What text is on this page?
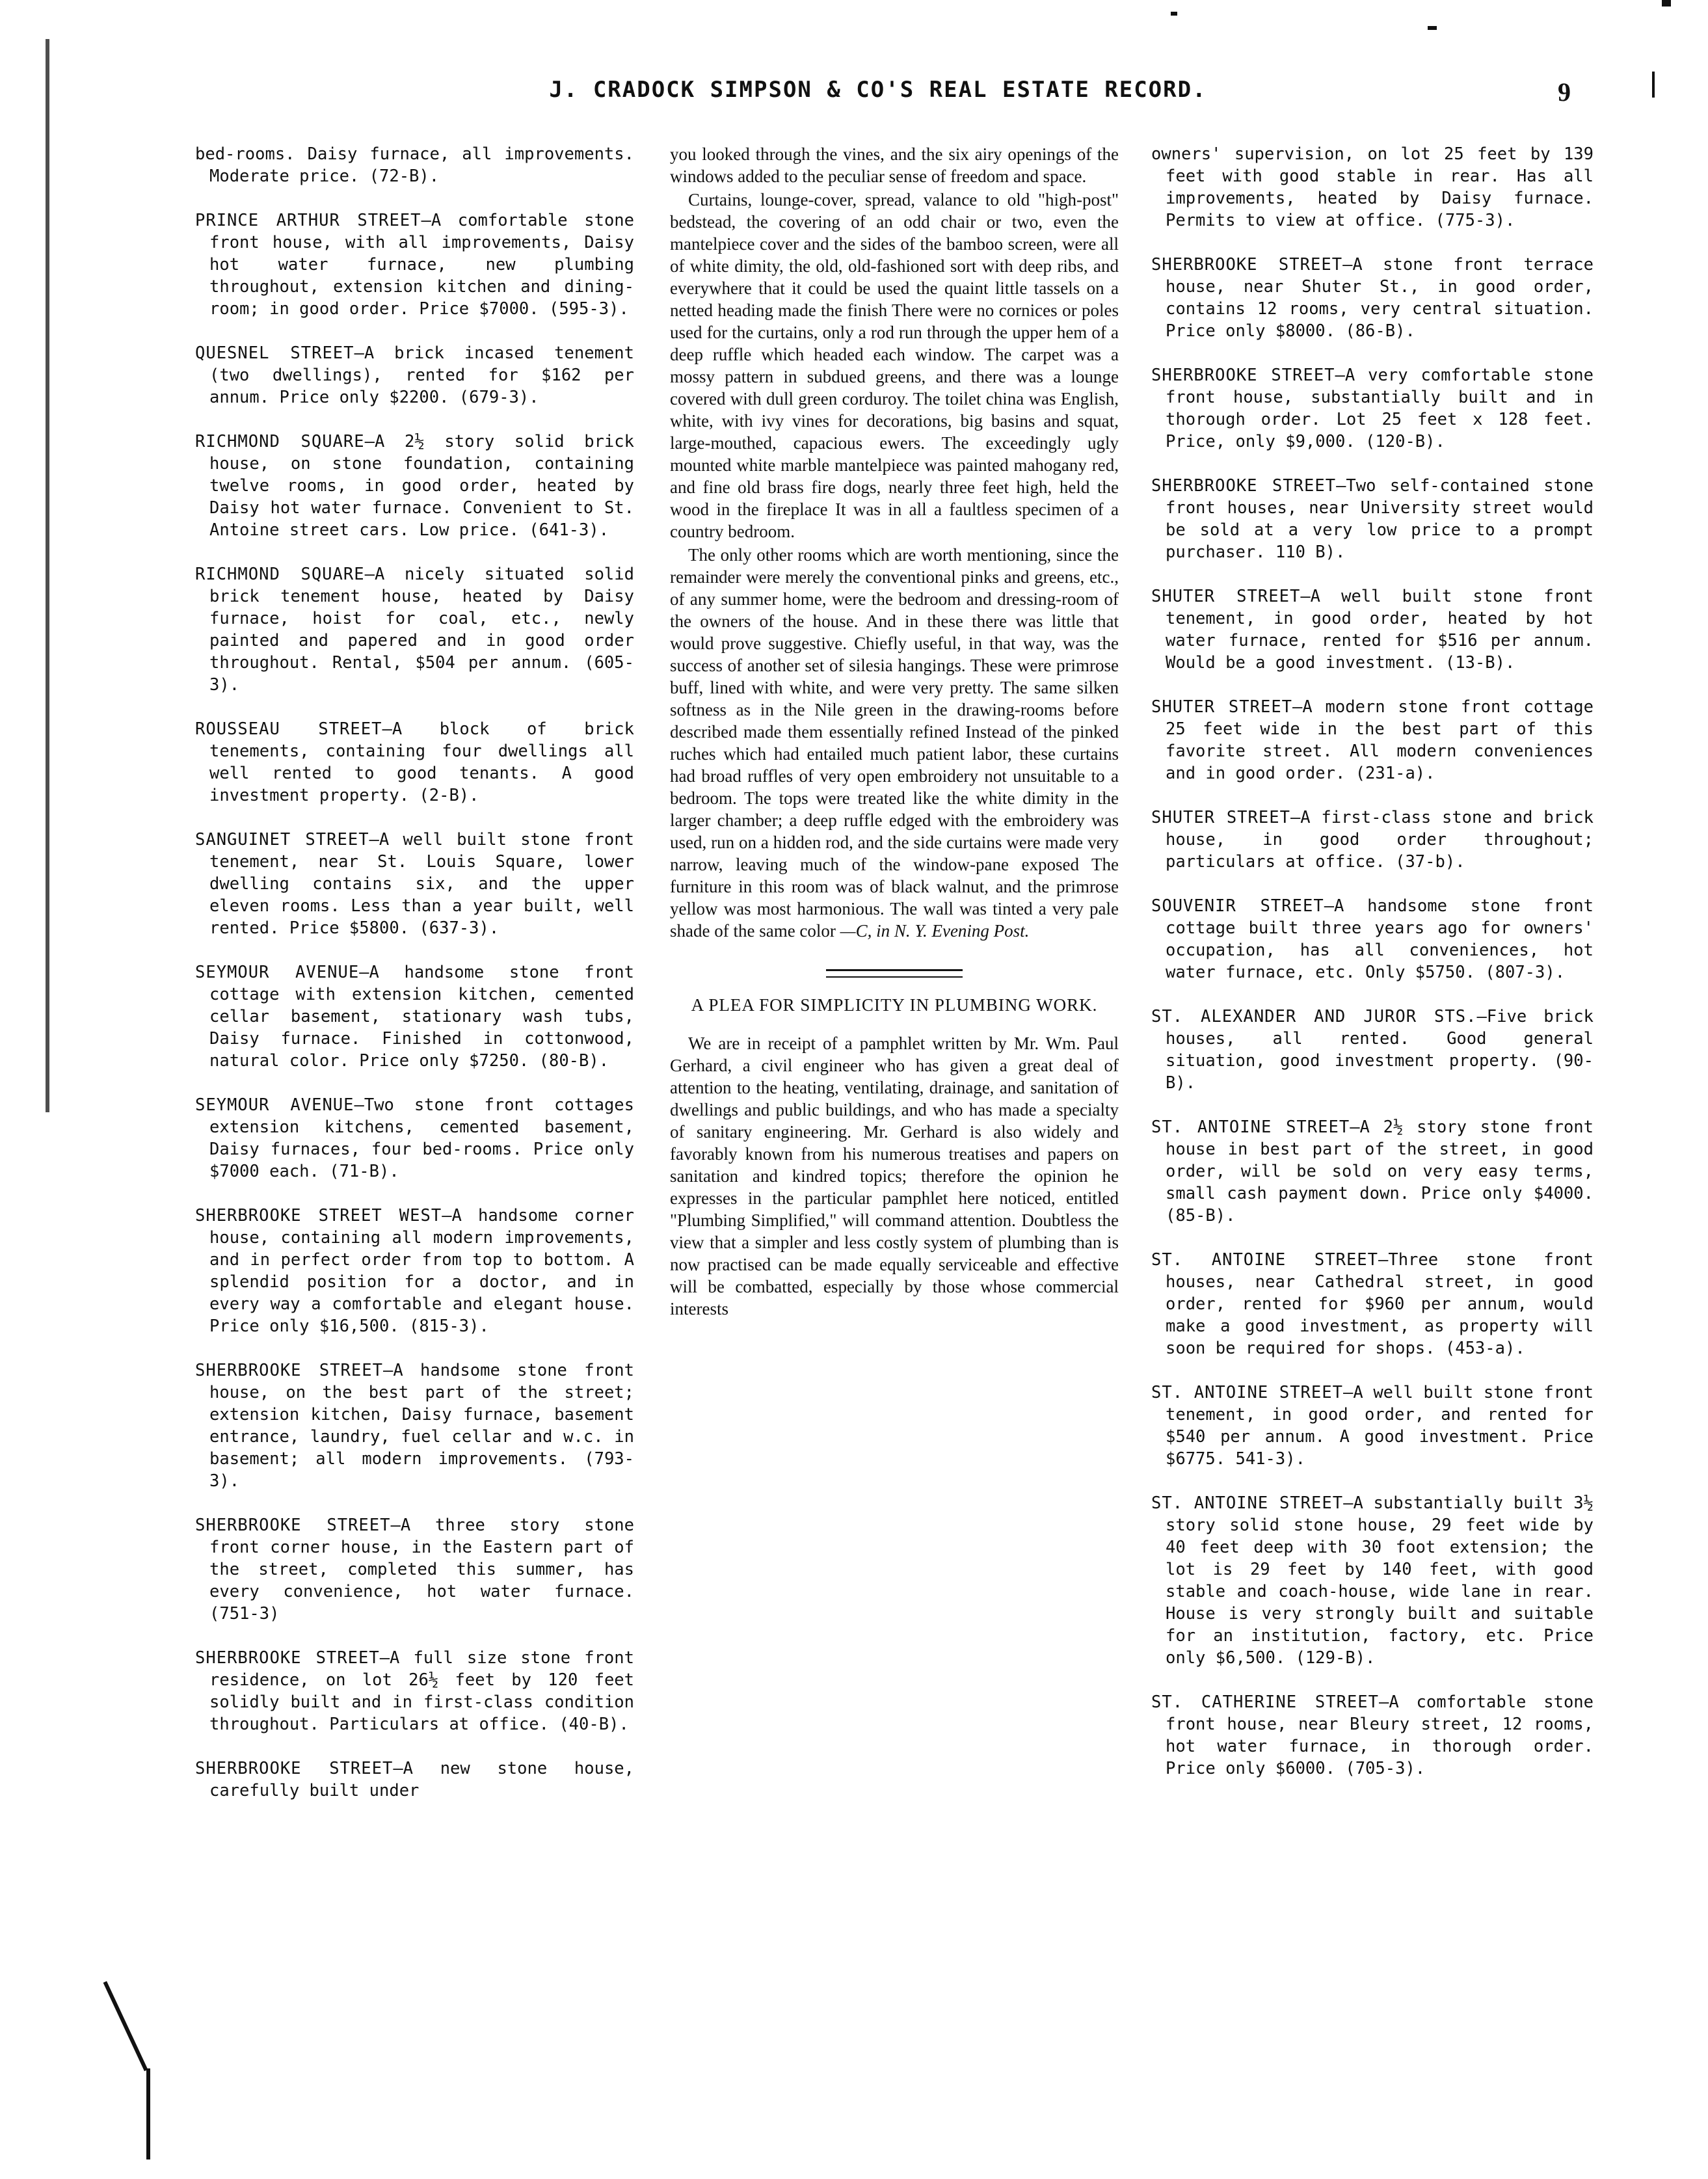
J. CRADOCK SIMPSON & CO'S REAL ESTATE RECORD.	9

bed-rooms. Daisy furnace, all improvements. Moderate price. (72-B).

PRINCE ARTHUR STREET—A comfortable stone front house, with all improvements, Daisy hot water furnace, new plumbing throughout, extension kitchen and dining-room; in good order. Price $7000. (595-3).

QUESNEL STREET—A brick incased tenement (two dwellings), rented for $162 per annum. Price only $2200. (679-3).

RICHMOND SQUARE—A 2½ story solid brick house, on stone foundation, containing twelve rooms, in good order, heated by Daisy hot water furnace. Convenient to St. Antoine street cars. Low price. (641-3).

RICHMOND SQUARE—A nicely situated solid brick tenement house, heated by Daisy furnace, hoist for coal, etc., newly painted and papered and in good order throughout. Rental, $504 per annum. (605-3).

ROUSSEAU STREET—A block of brick tenements, containing four dwellings all well rented to good tenants. A good investment property. (2-B).

SANGUINET STREET—A well built stone front tenement, near St. Louis Square, lower dwelling contains six, and the upper eleven rooms. Less than a year built, well rented. Price $5800. (637-3).

SEYMOUR AVENUE—A handsome stone front cottage with extension kitchen, cemented cellar basement, stationary wash tubs, Daisy furnace. Finished in cottonwood, natural color. Price only $7250. (80-B).

SEYMOUR AVENUE—Two stone front cottages extension kitchens, cemented basement, Daisy furnaces, four bed-rooms. Price only $7000 each. (71-B).

SHERBROOKE STREET WEST—A handsome corner house, containing all modern improvements, and in perfect order from top to bottom. A splendid position for a doctor, and in every way a comfortable and elegant house. Price only $16,500. (815-3).

SHERBROOKE STREET—A handsome stone front house, on the best part of the street; extension kitchen, Daisy furnace, basement entrance, laundry, fuel cellar and w.c. in basement; all modern improvements. (793-3).

SHERBROOKE STREET—A three story stone front corner house, in the Eastern part of the street, completed this summer, has every convenience, hot water furnace. (751-3)

SHERBROOKE STREET—A full size stone front residence, on lot 26½ feet by 120 feet solidly built and in first-class condition throughout. Particulars at office. (40-B).

SHERBROOKE STREET—A new stone house, carefully built under

you looked through the vines, and the six airy openings of the windows added to the peculiar sense of freedom and space.

Curtains, lounge-cover, spread, valance to old "high-post" bedstead, the covering of an odd chair or two, even the mantelpiece cover and the sides of the bamboo screen, were all of white dimity, the old, old-fashioned sort with deep ribs, and everywhere that it could be used the quaint little tassels on a netted heading made the finish There were no cornices or poles used for the curtains, only a rod run through the upper hem of a deep ruffle which headed each window. The carpet was a mossy pattern in subdued greens, and there was a lounge covered with dull green corduroy. The toilet china was English, white, with ivy vines for decorations, big basins and squat, large-mouthed, capacious ewers. The exceedingly ugly mounted white marble mantelpiece was painted mahogany red, and fine old brass fire dogs, nearly three feet high, held the wood in the fireplace It was in all a faultless specimen of a country bedroom.

The only other rooms which are worth mentioning, since the remainder were merely the conventional pinks and greens, etc., of any summer home, were the bedroom and dressing-room of the owners of the house. And in these there was little that would prove suggestive. Chiefly useful, in that way, was the success of another set of silesia hangings. These were primrose buff, lined with white, and were very pretty. The same silken softness as in the Nile green in the drawing-rooms before described made them essentially refined Instead of the pinked ruches which had entailed much patient labor, these curtains had broad ruffles of very open embroidery not unsuitable to a bedroom. The tops were treated like the white dimity in the larger chamber; a deep ruffle edged with the embroidery was used, run on a hidden rod, and the side curtains were made very narrow, leaving much of the window-pane exposed The furniture in this room was of black walnut, and the primrose yellow was most harmonious. The wall was tinted a very pale shade of the same color —C, in N. Y. Evening Post.

A PLEA FOR SIMPLICITY IN PLUMBING WORK.

We are in receipt of a pamphlet written by Mr. Wm. Paul Gerhard, a civil engineer who has given a great deal of attention to the heating, ventilating, drainage, and sanitation of dwellings and public buildings, and who has made a specialty of sanitary engineering. Mr. Gerhard is also widely and favorably known from his numerous treatises and papers on sanitation and kindred topics; therefore the opinion he expresses in the particular pamphlet here noticed, entitled "Plumbing Simplified," will command attention. Doubtless the view that a simpler and less costly system of plumbing than is now practised can be made equally serviceable and effective will be combatted, especially by those whose commercial interests

owners' supervision, on lot 25 feet by 139 feet with good stable in rear. Has all improvements, heated by Daisy furnace. Permits to view at office. (775-3).

SHERBROOKE STREET—A stone front terrace house, near Shuter St., in good order, contains 12 rooms, very central situation. Price only $8000. (86-B).

SHERBROOKE STREET—A very comfortable stone front house, substantially built and in thorough order. Lot 25 feet x 128 feet. Price, only $9,000. (120-B).

SHERBROOKE STREET—Two self-contained stone front houses, near University street would be sold at a very low price to a prompt purchaser. 110 B).

SHUTER STREET—A well built stone front tenement, in good order, heated by hot water furnace, rented for $516 per annum. Would be a good investment. (13-B).

SHUTER STREET—A modern stone front cottage 25 feet wide in the best part of this favorite street. All modern conveniences and in good order. (231-a).

SHUTER STREET—A first-class stone and brick house, in good order throughout; particulars at office. (37-b).

SOUVENIR STREET—A handsome stone front cottage built three years ago for owners' occupation, has all conveniences, hot water furnace, etc. Only $5750. (807-3).

ST. ALEXANDER AND JUROR STS.—Five brick houses, all rented. Good general situation, good investment property. (90-B).

ST. ANTOINE STREET—A 2½ story stone front house in best part of the street, in good order, will be sold on very easy terms, small cash payment down. Price only $4000. (85-B).

ST. ANTOINE STREET—Three stone front houses, near Cathedral street, in good order, rented for $960 per annum, would make a good investment, as property will soon be required for shops. (453-a).

ST. ANTOINE STREET—A well built stone front tenement, in good order, and rented for $540 per annum. A good investment. Price $6775. 541-3).

ST. ANTOINE STREET—A substantially built 3½ story solid stone house, 29 feet wide by 40 feet deep with 30 foot extension; the lot is 29 feet by 140 feet, with good stable and coach-house, wide lane in rear. House is very strongly built and suitable for an institution, factory, etc. Price only $6,500. (129-B).

ST. CATHERINE STREET—A comfortable stone front house, near Bleury street, 12 rooms, hot water furnace, in thorough order. Price only $6000. (705-3).
